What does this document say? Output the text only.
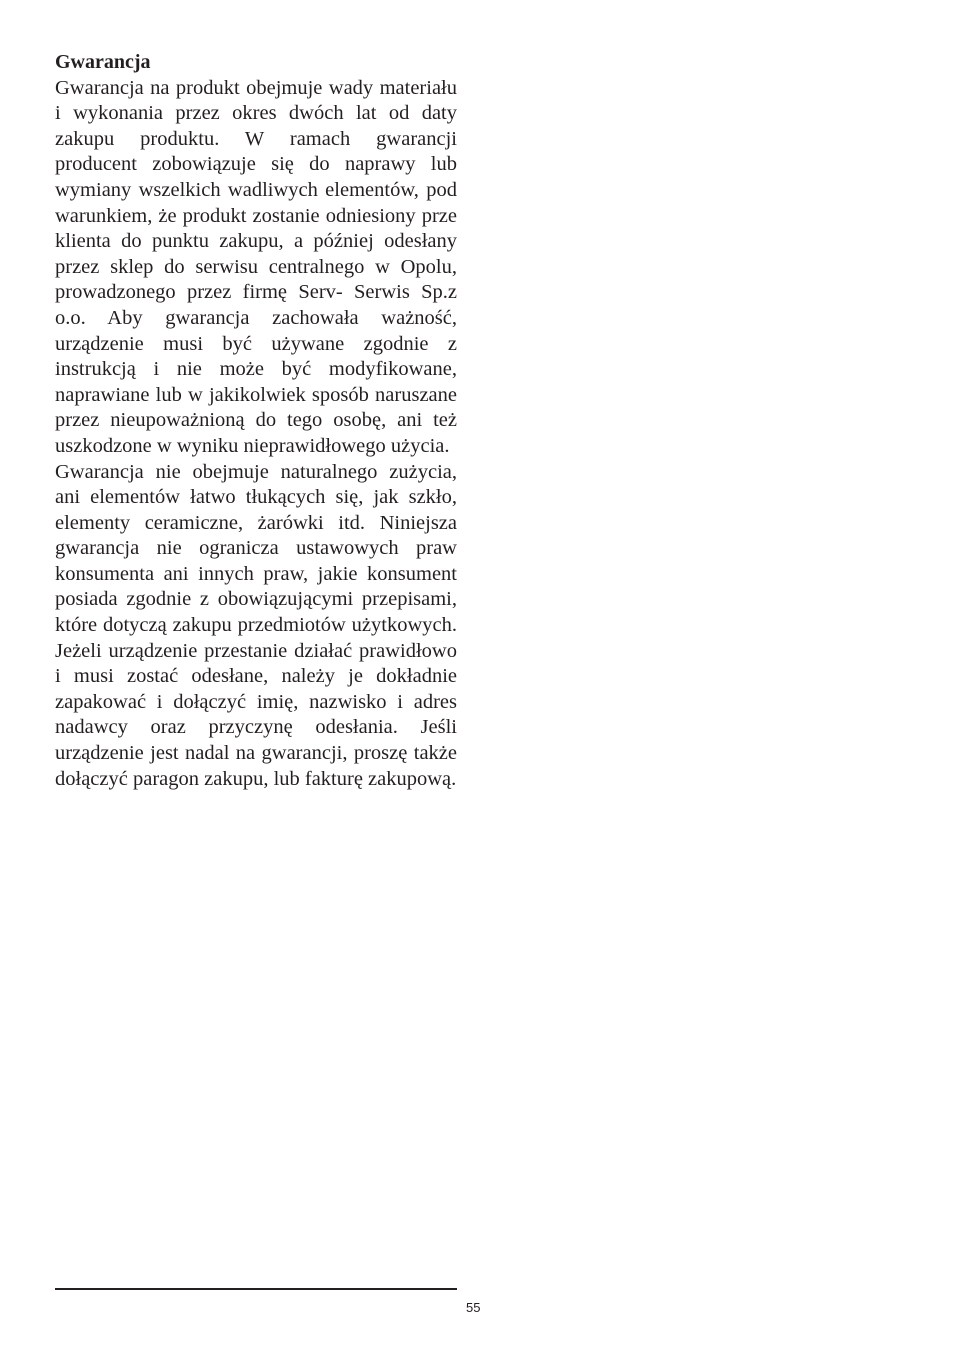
Gwarancja

Gwarancja na produkt obejmuje wady materiału i wykonania przez okres dwóch lat od daty zakupu produktu. W ramach gwarancji producent zobowiązuje się do naprawy lub wymiany wszelkich wadliwych elementów, pod warunkiem, że produkt zostanie odniesiony prze klienta do punktu zakupu, a później odesłany przez sklep do serwisu centralnego w Opolu, prowadzonego przez firmę Serv- Serwis Sp.z o.o. Aby gwarancja zachowała ważność, urządzenie musi być używane zgodnie z instrukcją i nie może być modyfikowane, naprawiane lub w jakikolwiek sposób naruszane przez nieupoważnioną do tego osobę, ani też uszkodzone w wyniku nieprawidłowego użycia.

Gwarancja nie obejmuje naturalnego zużycia, ani elementów łatwo tłukących się, jak szkło, elementy ceramiczne, żarówki itd. Niniejsza gwarancja nie ogranicza ustawowych praw konsumenta ani innych praw, jakie konsument posiada zgodnie z obowiązującymi przepisami, które dotyczą zakupu przedmiotów użytkowych. Jeżeli urządzenie przestanie działać prawidłowo i musi zostać odesłane, należy je dokładnie zapakować i dołączyć imię, nazwisko i adres nadawcy oraz przyczynę odesłania. Jeśli urządzenie jest nadal na gwarancji, proszę także dołączyć paragon zakupu, lub fakturę zakupową.

55
